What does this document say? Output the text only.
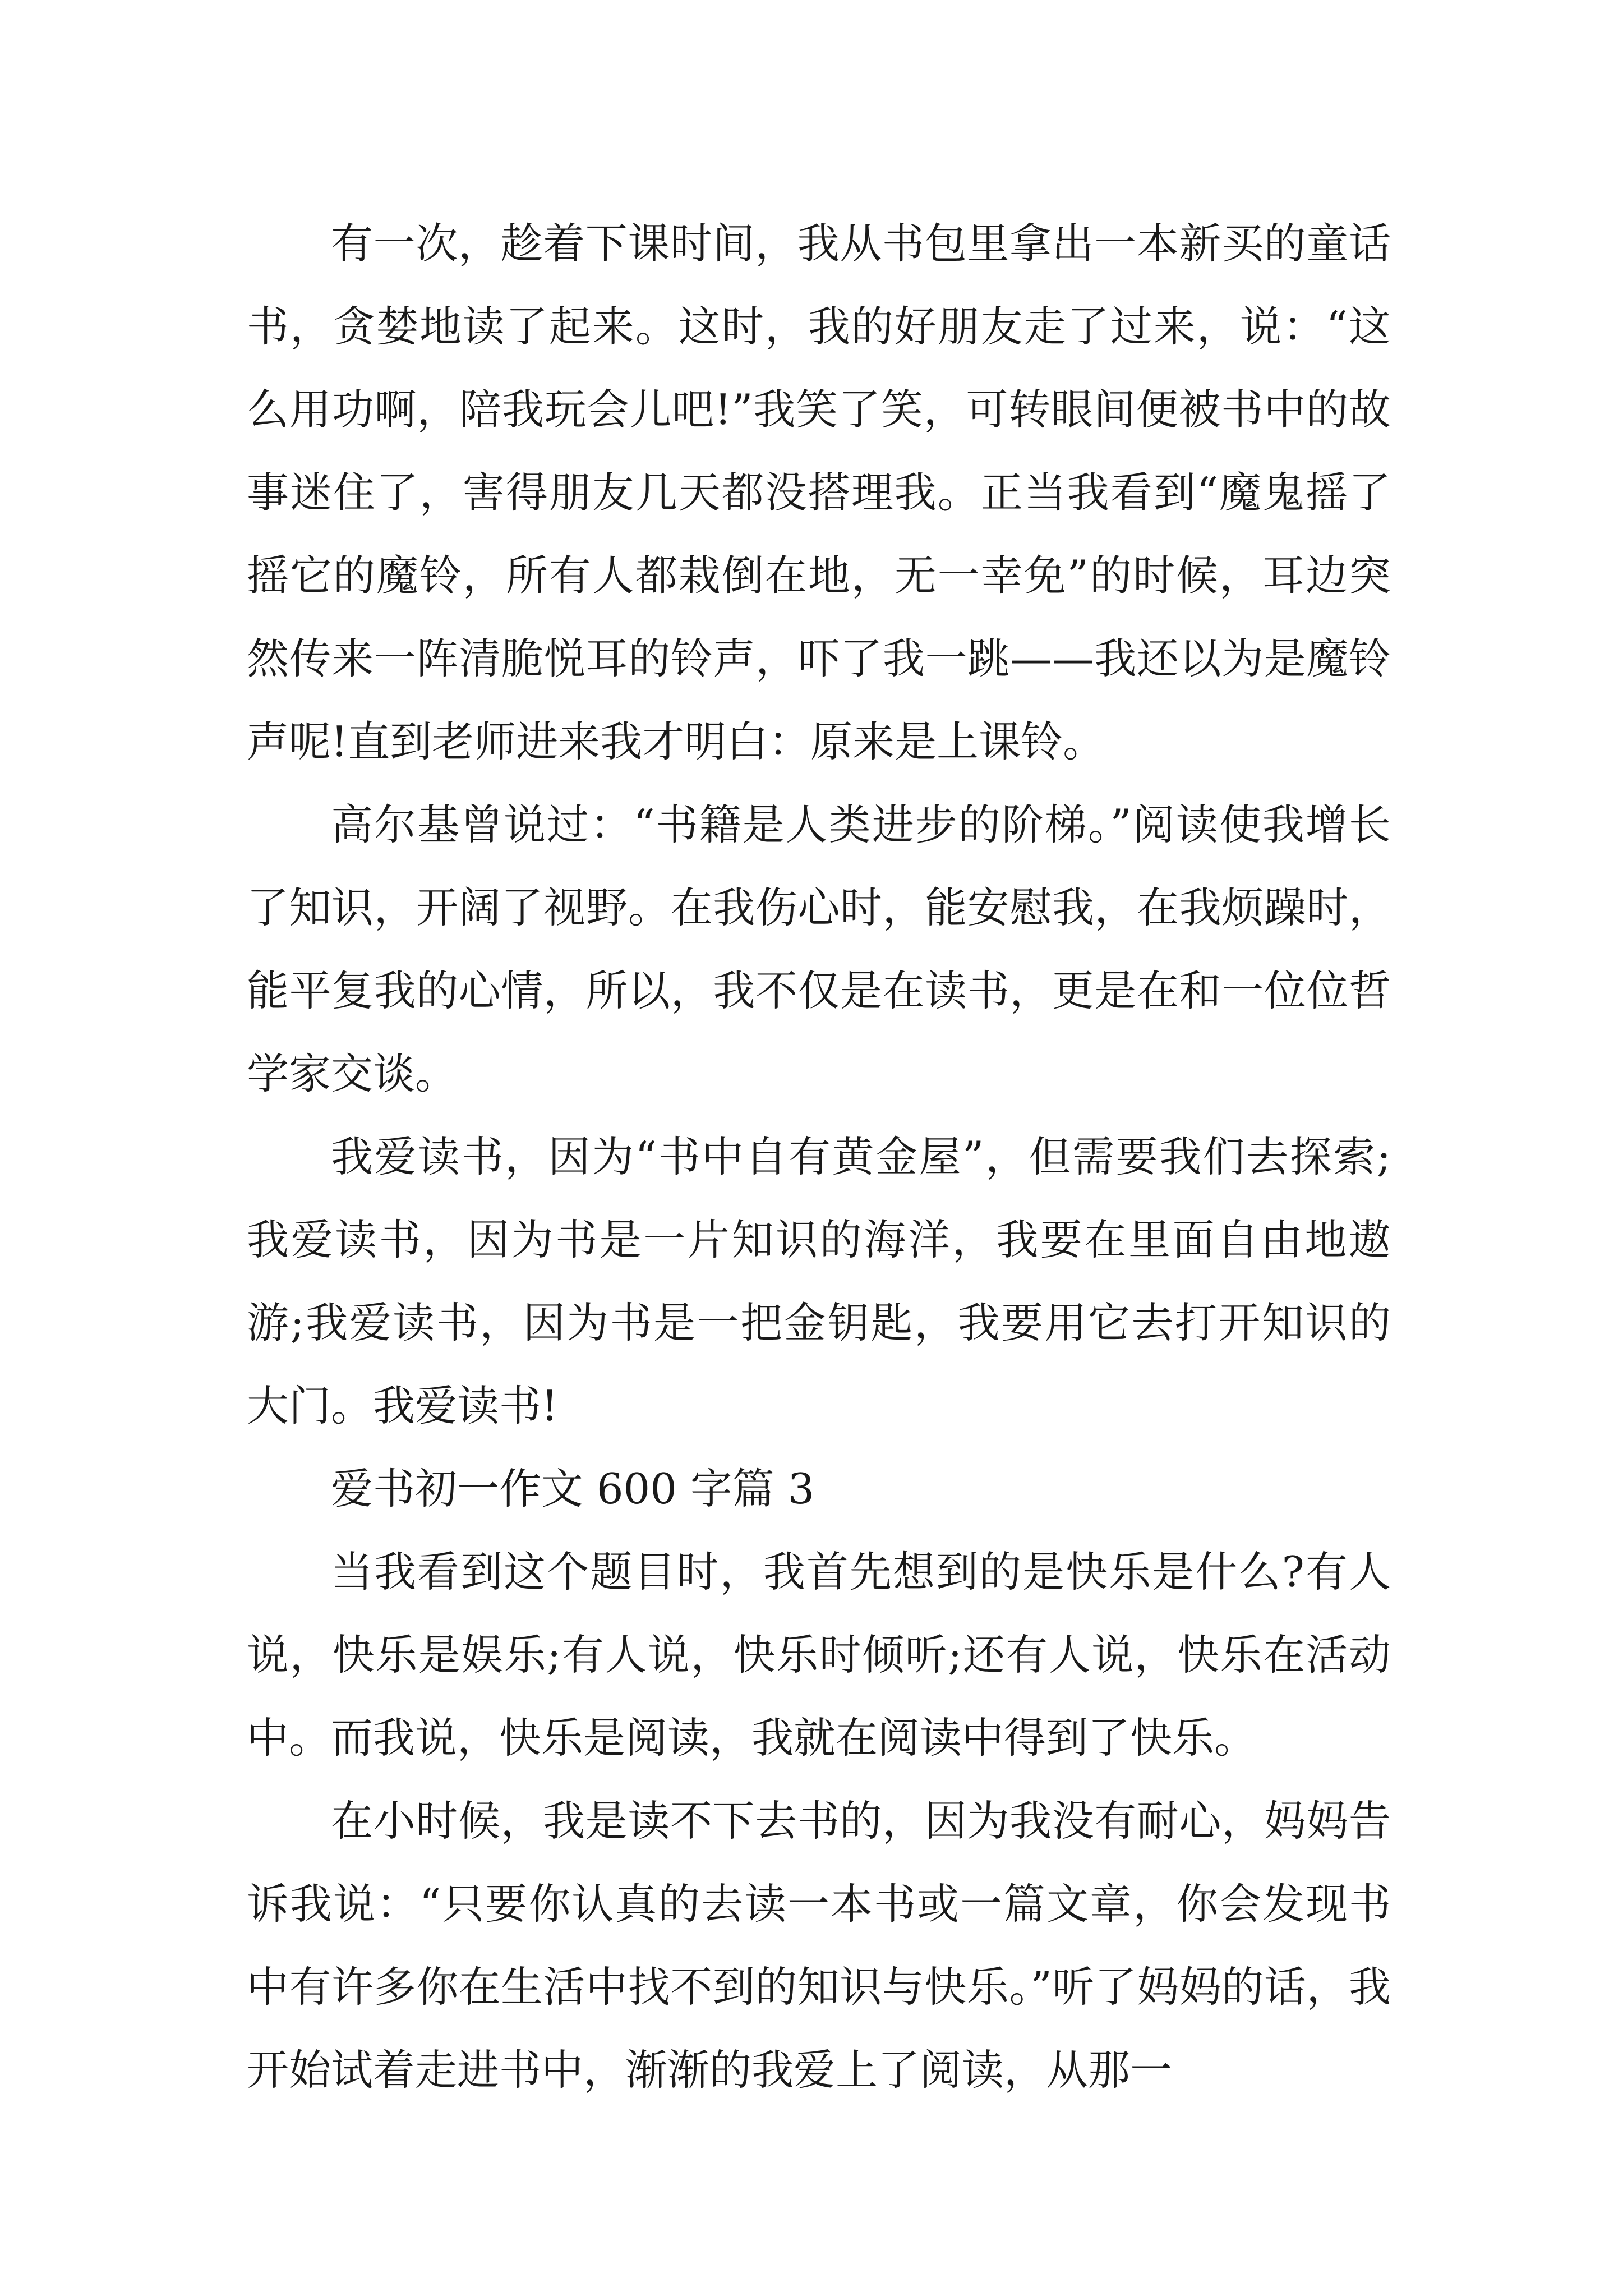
有一次，趁着下课时间，我从书包里拿出一本新买的童话书，贪婪地读了起来。这时，我的好朋友走了过来，说：“这么用功啊，陪我玩会儿吧!”我笑了笑，可转眼间便被书中的故事迷住了，害得朋友几天都没搭理我。正当我看到“魔鬼摇了摇它的魔铃，所有人都栽倒在地，无一幸免”的时候，耳边突然传来一阵清脆悦耳的铃声，吓了我一跳——我还以为是魔铃声呢!直到老师进来我才明白：原来是上课铃。

高尔基曾说过：“书籍是人类进步的阶梯。”阅读使我增长了知识，开阔了视野。在我伤心时，能安慰我，在我烦躁时，能平复我的心情，所以，我不仅是在读书，更是在和一位位哲学家交谈。

我爱读书，因为“书中自有黄金屋”，但需要我们去探索;我爱读书，因为书是一片知识的海洋，我要在里面自由地遨游;我爱读书，因为书是一把金钥匙，我要用它去打开知识的大门。我爱读书!

爱书初一作文 600 字篇 3

当我看到这个题目时，我首先想到的是快乐是什么?有人说，快乐是娱乐;有人说，快乐时倾听;还有人说，快乐在活动中。而我说，快乐是阅读，我就在阅读中得到了快乐。

在小时候，我是读不下去书的，因为我没有耐心，妈妈告诉我说：“只要你认真的去读一本书或一篇文章，你会发现书中有许多你在生活中找不到的知识与快乐。”听了妈妈的话，我开始试着走进书中，渐渐的我爱上了阅读，从那一
